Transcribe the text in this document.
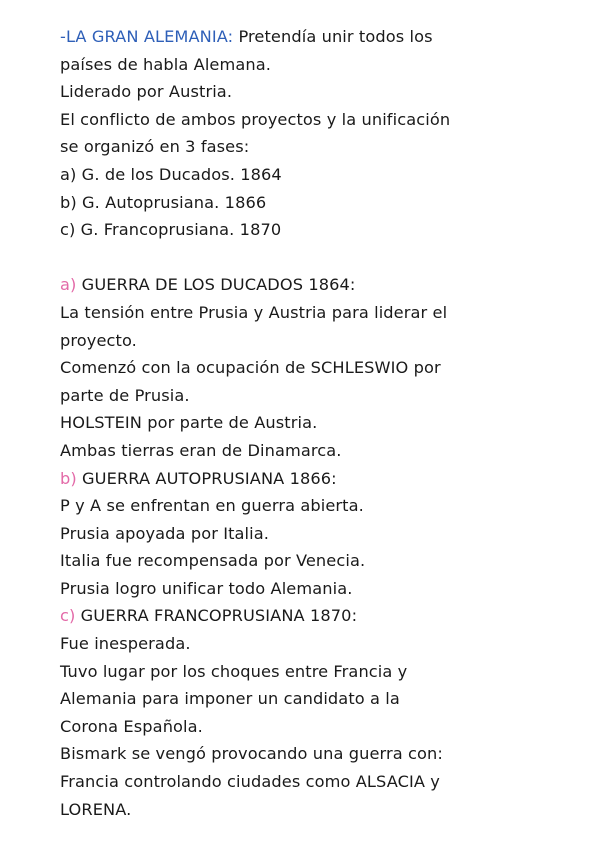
-LA GRAN ALEMANIA: Pretendía unir todos los
países de habla Alemana.
Liderado por Austria.
El conflicto de ambos proyectos y la unificación
se organizó en 3 fases:
a) G. de los Ducados. 1864
b) G. Autoprusiana. 1866
c) G. Francoprusiana. 1870
a) GUERRA DE LOS DUCADOS 1864:
La tensión entre Prusia y Austria para liderar el
proyecto.
Comenzó con la ocupación de SCHLESWIO por
parte de Prusia.
HOLSTEIN por parte de Austria.
Ambas tierras eran de Dinamarca.
b) GUERRA AUTOPRUSIANA 1866:
P y A se enfrentan en guerra abierta.
Prusia apoyada por Italia.
Italia fue recompensada por Venecia.
Prusia logro unificar todo Alemania.
c) GUERRA FRANCOPRUSIANA 1870:
Fue inesperada.
Tuvo lugar por los choques entre Francia y
Alemania para imponer un candidato a la
Corona Española.
Bismark se vengó provocando una guerra con:
Francia controlando ciudades como ALSACIA y
LORENA.
